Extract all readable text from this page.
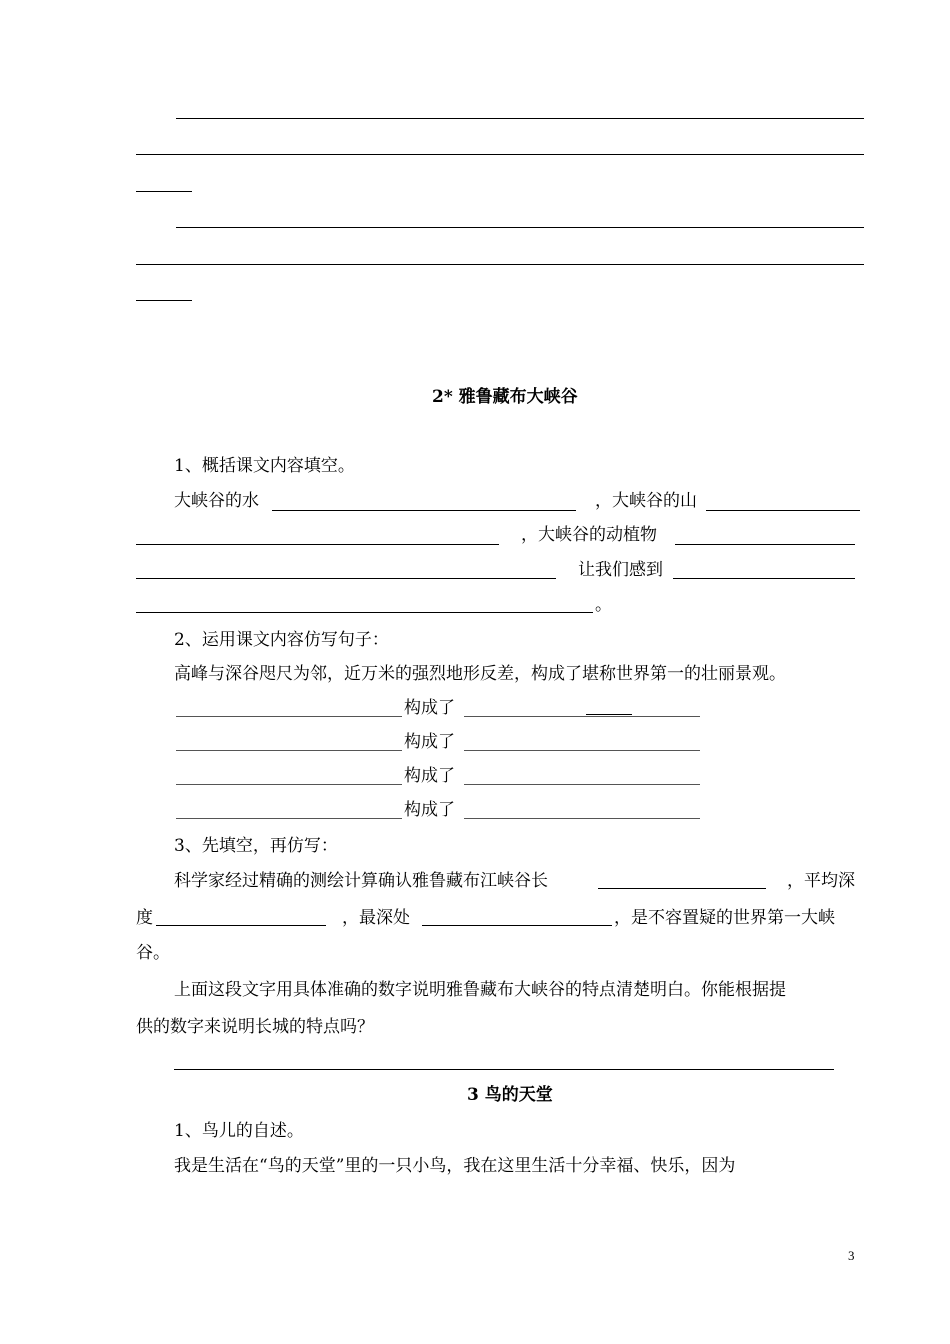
2* 雅鲁藏布大峡谷
1、概括课文内容填空。
大峡谷的水	，大峡谷的山
，大峡谷的动植物
让我们感到
。
2、运用课文内容仿写句子：
高峰与深谷咫尺为邻，近万米的强烈地形反差，构成了堪称世界第一的壮丽景观。
构成了
构成了
构成了
构成了
3、先填空，再仿写：
科学家经过精确的测绘计算确认雅鲁藏布江峡谷长	，平均深
度	，最深处	，是不容置疑的世界第一大峡
谷。
上面这段文字用具体准确的数字说明雅鲁藏布大峡谷的特点清楚明白。你能根据提
供的数字来说明长城的特点吗？
3 鸟的天堂
1、鸟儿的自述。
我是生活在“鸟的天堂”里的一只小鸟，我在这里生活十分幸福、快乐，因为
3
